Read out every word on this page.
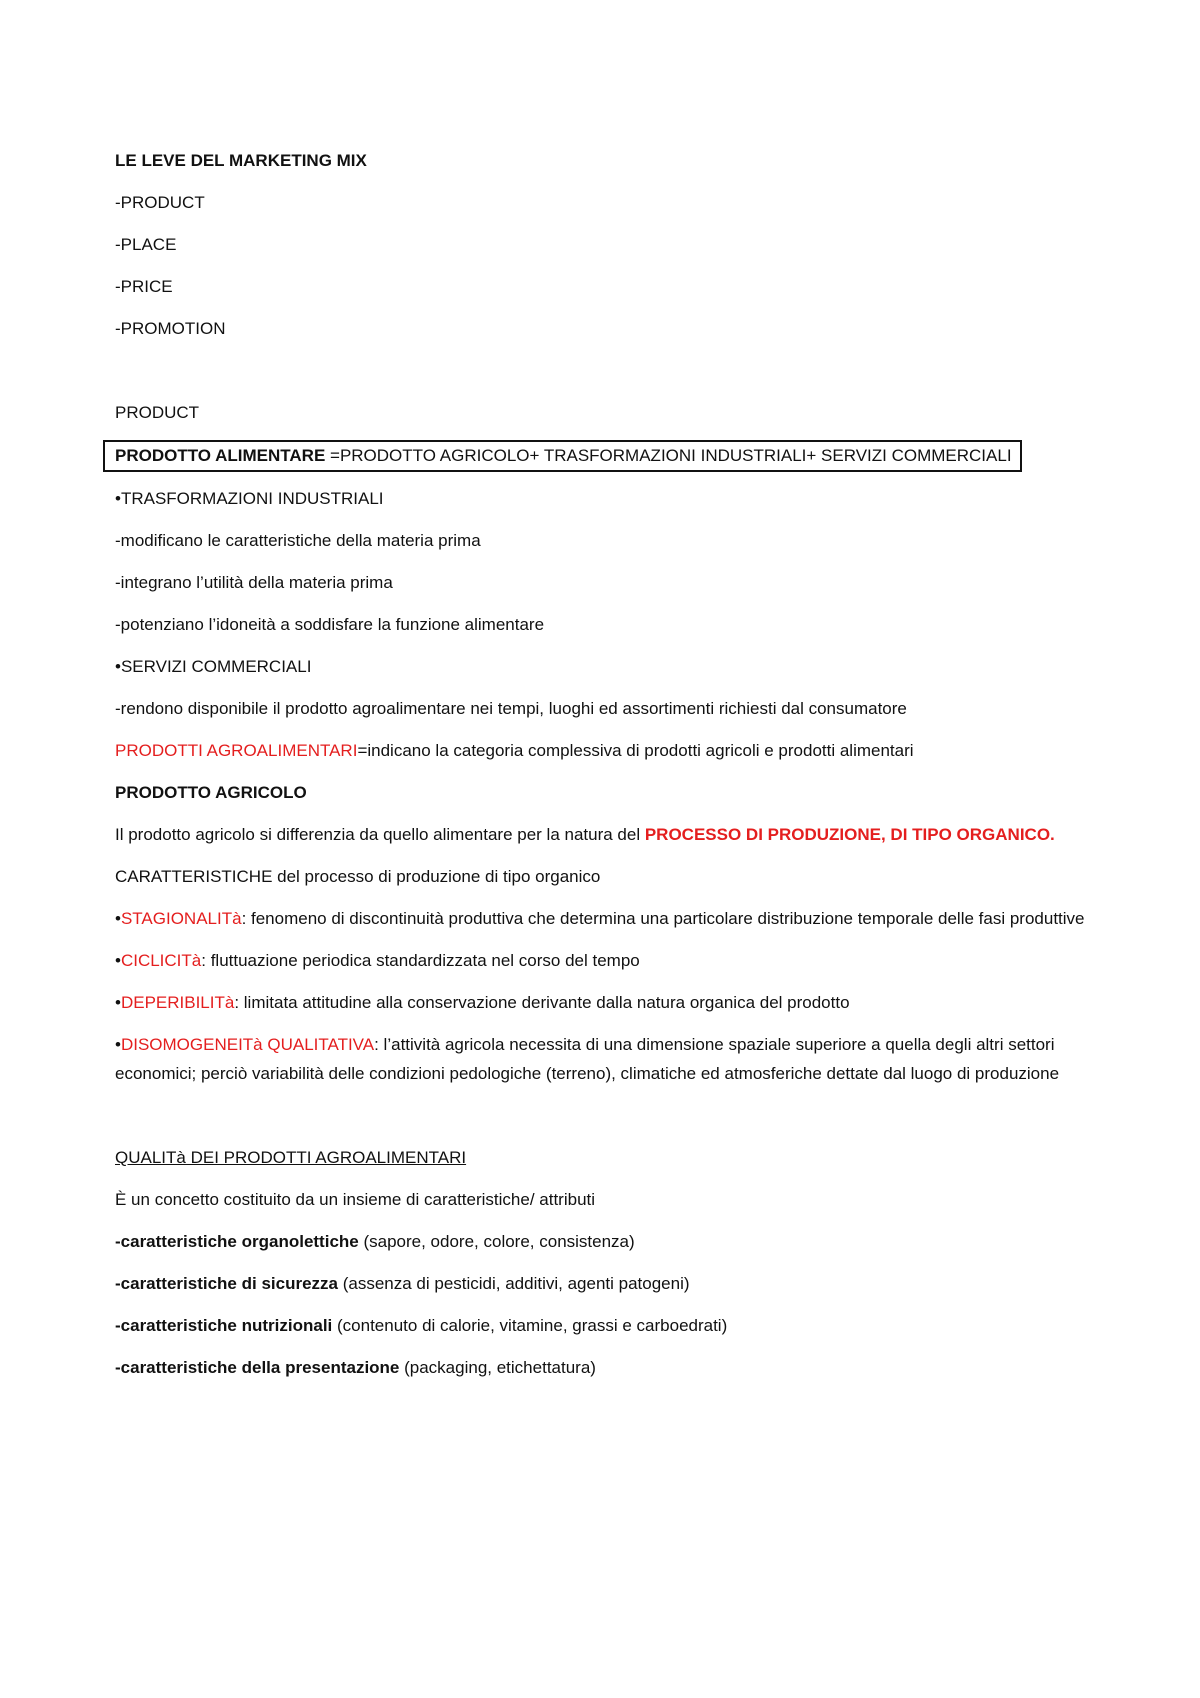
LE LEVE DEL MARKETING MIX

-PRODUCT

-PLACE

-PRICE

-PROMOTION

PRODUCT

PRODOTTO ALIMENTARE =PRODOTTO AGRICOLO+ TRASFORMAZIONI INDUSTRIALI+ SERVIZI COMMERCIALI

•TRASFORMAZIONI INDUSTRIALI

-modificano le caratteristiche della materia prima

-integrano l’utilità della materia prima

-potenziano l’idoneità a soddisfare la funzione alimentare

•SERVIZI COMMERCIALI

-rendono disponibile il prodotto agroalimentare nei tempi, luoghi ed assortimenti richiesti dal consumatore

PRODOTTI AGROALIMENTARI=indicano la categoria complessiva di prodotti agricoli e prodotti alimentari

PRODOTTO AGRICOLO

Il prodotto agricolo si differenzia da quello alimentare per la natura del PROCESSO DI PRODUZIONE, DI TIPO ORGANICO.

CARATTERISTICHE del processo di produzione di tipo organico

•STAGIONALITà: fenomeno di discontinuità produttiva che determina una particolare distribuzione temporale delle fasi produttive

•CICLICITà: fluttuazione periodica standardizzata nel corso del tempo

•DEPERIBILITà: limitata attitudine alla conservazione derivante dalla natura organica del prodotto

•DISOMOGENEITà QUALITATIVA: l’attività agricola necessita di una dimensione spaziale superiore a quella degli altri settori economici; perciò variabilità delle condizioni pedologiche (terreno), climatiche ed atmosferiche dettate dal luogo di produzione

QUALITà DEI PRODOTTI AGROALIMENTARI

È un concetto costituito da un insieme di caratteristiche/ attributi

-caratteristiche organolettiche (sapore, odore, colore, consistenza)

-caratteristiche di sicurezza (assenza di pesticidi, additivi, agenti patogeni)

-caratteristiche nutrizionali (contenuto di calorie, vitamine, grassi e carboedrati)

-caratteristiche della presentazione (packaging, etichettatura)
